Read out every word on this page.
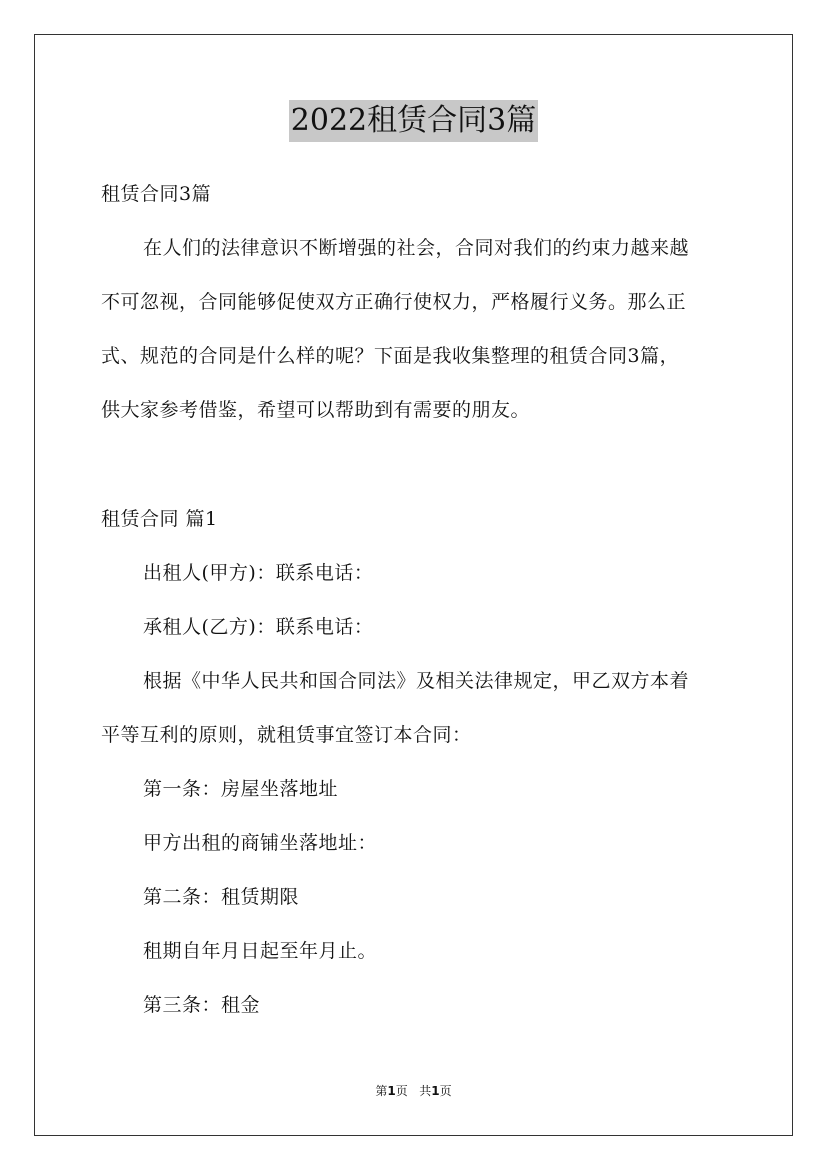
2022租赁合同3篇
租赁合同3篇
在人们的法律意识不断增强的社会，合同对我们的约束力越来越
不可忽视，合同能够促使双方正确行使权力，严格履行义务。那么正
式、规范的合同是什么样的呢？下面是我收集整理的租赁合同3篇，
供大家参考借鉴，希望可以帮助到有需要的朋友。
租赁合同 篇1
出租人(甲方)：联系电话：
承租人(乙方)：联系电话：
根据《中华人民共和国合同法》及相关法律规定，甲乙双方本着
平等互利的原则，就租赁事宜签订本合同：
第一条：房屋坐落地址
甲方出租的商铺坐落地址：
第二条：租赁期限
租期自年月日起至年月止。
第三条：租金
第1页 共1页
